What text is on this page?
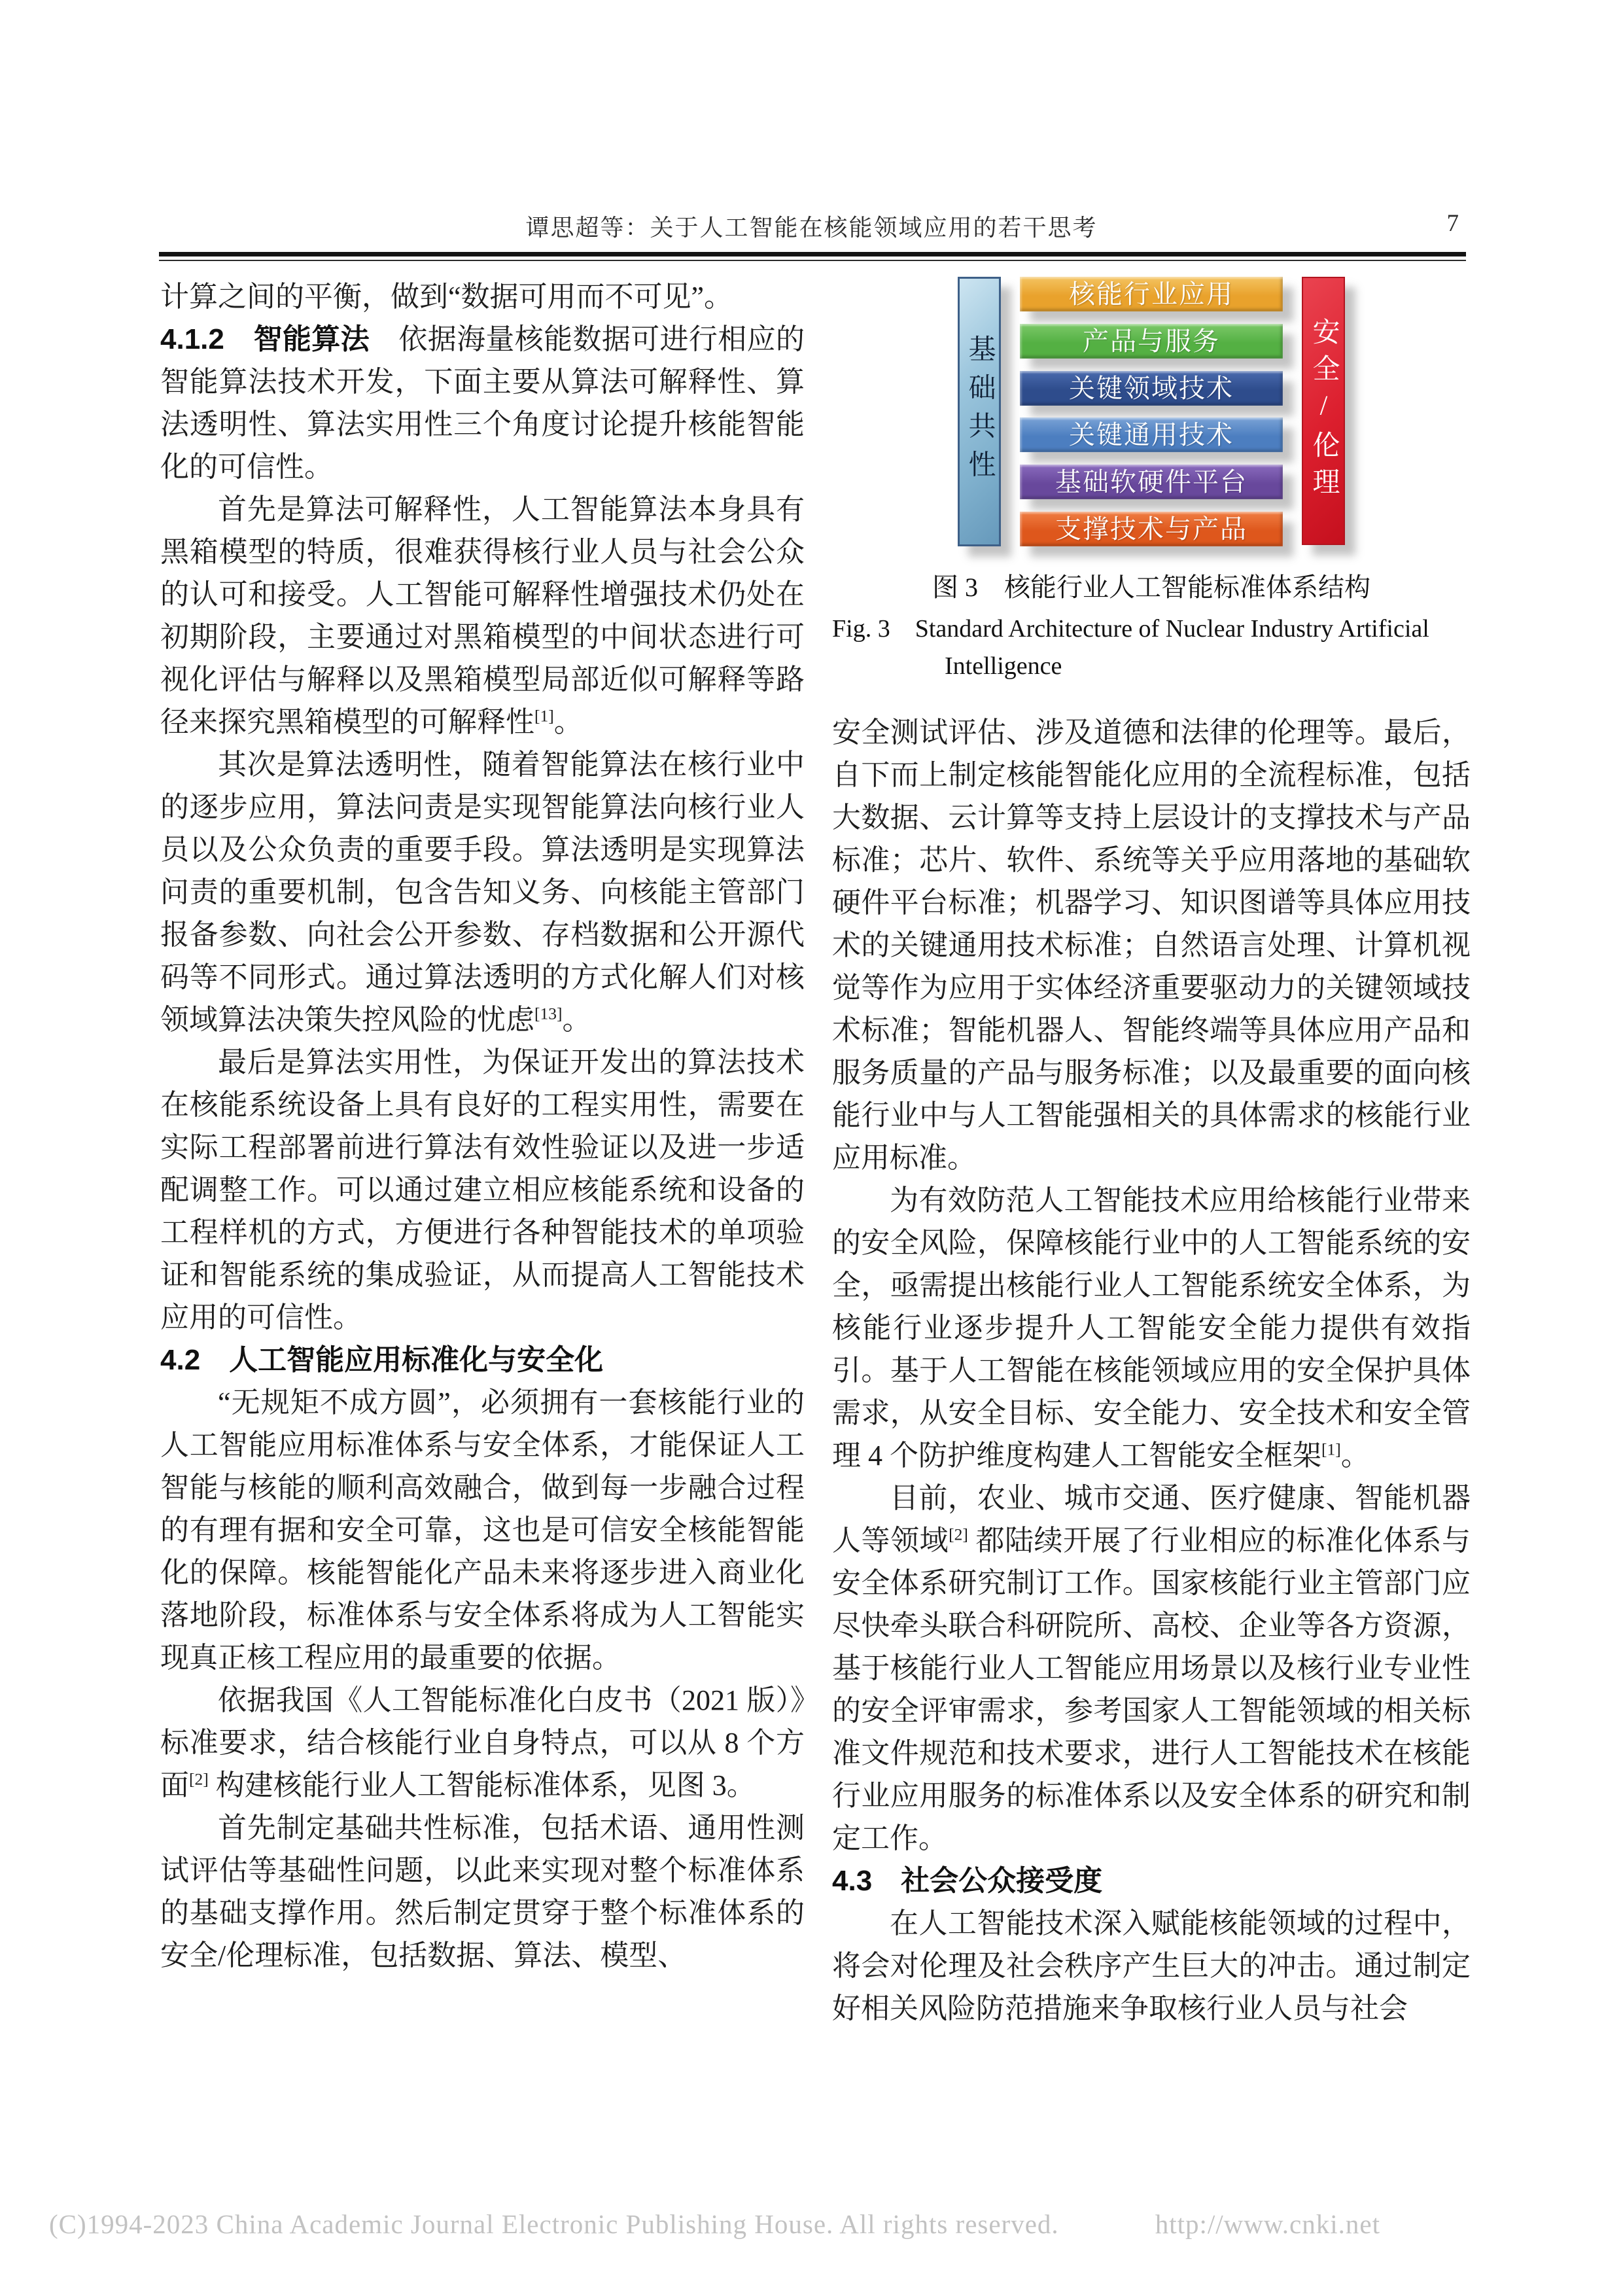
谭思超等：关于人工智能在核能领域应用的若干思考	7

计算之间的平衡，做到“数据可用而不可见”。

4.1.2　智能算法　依据海量核能数据可进行相应的智能算法技术开发，下面主要从算法可解释性、算法透明性、算法实用性三个角度讨论提升核能智能化的可信性。

首先是算法可解释性，人工智能算法本身具有黑箱模型的特质，很难获得核行业人员与社会公众的认可和接受。人工智能可解释性增强技术仍处在初期阶段，主要通过对黑箱模型的中间状态进行可视化评估与解释以及黑箱模型局部近似可解释等路径来探究黑箱模型的可解释性[1]。

其次是算法透明性，随着智能算法在核行业中的逐步应用，算法问责是实现智能算法向核行业人员以及公众负责的重要手段。算法透明是实现算法问责的重要机制，包含告知义务、向核能主管部门报备参数、向社会公开参数、存档数据和公开源代码等不同形式。通过算法透明的方式化解人们对核领域算法决策失控风险的忧虑[13]。

最后是算法实用性，为保证开发出的算法技术在核能系统设备上具有良好的工程实用性，需要在实际工程部署前进行算法有效性验证以及进一步适配调整工作。可以通过建立相应核能系统和设备的工程样机的方式，方便进行各种智能技术的单项验证和智能系统的集成验证，从而提高人工智能技术应用的可信性。

4.2　人工智能应用标准化与安全化

“无规矩不成方圆”，必须拥有一套核能行业的人工智能应用标准体系与安全体系，才能保证人工智能与核能的顺利高效融合，做到每一步融合过程的有理有据和安全可靠，这也是可信安全核能智能化的保障。核能智能化产品未来将逐步进入商业化落地阶段，标准体系与安全体系将成为人工智能实现真正核工程应用的最重要的依据。

依据我国《人工智能标准化白皮书（2021 版）》标准要求，结合核能行业自身特点，可以从 8 个方面[2] 构建核能行业人工智能标准体系，见图 3。

首先制定基础共性标准，包括术语、通用性测试评估等基础性问题，以此来实现对整个标准体系的基础支撑作用。然后制定贯穿于整个标准体系的安全/伦理标准，包括数据、算法、模型、

基础共性
核能行业应用
产品与服务
关键领域技术
关键通用技术
基础软硬件平台
支撑技术与产品
安全/伦理
图 3　核能行业人工智能标准体系结构
Fig. 3　Standard Architecture of Nuclear Industry Artificial
Intelligence

安全测试评估、涉及道德和法律的伦理等。最后，自下而上制定核能智能化应用的全流程标准，包括大数据、云计算等支持上层设计的支撑技术与产品标准；芯片、软件、系统等关乎应用落地的基础软硬件平台标准；机器学习、知识图谱等具体应用技术的关键通用技术标准；自然语言处理、计算机视觉等作为应用于实体经济重要驱动力的关键领域技术标准；智能机器人、智能终端等具体应用产品和服务质量的产品与服务标准；以及最重要的面向核能行业中与人工智能强相关的具体需求的核能行业应用标准。

为有效防范人工智能技术应用给核能行业带来的安全风险，保障核能行业中的人工智能系统的安全，亟需提出核能行业人工智能系统安全体系，为核能行业逐步提升人工智能安全能力提供有效指引。基于人工智能在核能领域应用的安全保护具体需求，从安全目标、安全能力、安全技术和安全管理 4 个防护维度构建人工智能安全框架[1]。

目前，农业、城市交通、医疗健康、智能机器人等领域[2] 都陆续开展了行业相应的标准化体系与安全体系研究制订工作。国家核能行业主管部门应尽快牵头联合科研院所、高校、企业等各方资源，基于核能行业人工智能应用场景以及核行业专业性的安全评审需求，参考国家人工智能领域的相关标准文件规范和技术要求，进行人工智能技术在核能行业应用服务的标准体系以及安全体系的研究和制定工作。

4.3　社会公众接受度

在人工智能技术深入赋能核能领域的过程中，将会对伦理及社会秩序产生巨大的冲击。通过制定好相关风险防范措施来争取核行业人员与社会

(C)1994-2023 China Academic Journal Electronic Publishing House. All rights reserved.	http://www.cnki.net
